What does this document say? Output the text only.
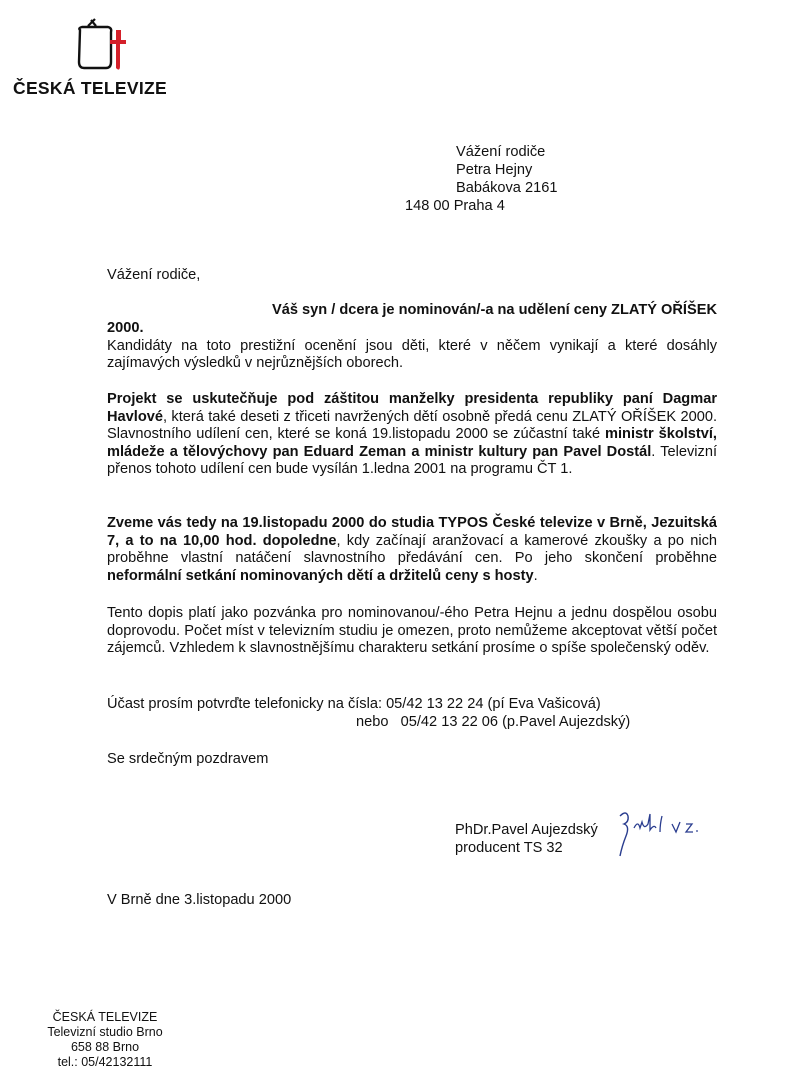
ČESKÁ TELEVIZE
Vážení rodiče
Petra Hejny
Babákova 2161
148 00 Praha 4
Vážení rodiče,
Váš syn / dcera je nominován/-a na udělení ceny ZLATÝ OŘÍŠEK

2000.

Kandidáty na toto prestižní ocenění jsou děti, které v něčem vynikají a které dosáhly zajímavých výsledků v nejrůznějších oborech.

Projekt se uskutečňuje pod záštitou manželky presidenta republiky paní Dagmar Havlové, která také deseti z třiceti navržených dětí osobně předá cenu ZLATÝ OŘÍŠEK 2000. Slavnostního udílení cen, které se koná 19.listopadu 2000 se zúčastní také ministr školství, mládeže a tělovýchovy pan Eduard Zeman a ministr kultury pan Pavel Dostál. Televizní přenos tohoto udílení cen bude vysílán 1.ledna 2001 na programu ČT 1.

Zveme vás tedy na 19.listopadu 2000 do studia TYPOS České televize v Brně, Jezuitská 7, a to na 10,00 hod. dopoledne, kdy začínají aranžovací a kamerové zkoušky a po nich proběhne vlastní natáčení slavnostního předávání cen. Po jeho skončení proběhne neformální setkání nominovaných dětí a držitelů ceny s hosty.

Tento dopis platí jako pozvánka pro nominovanou/-ého Petra Hejnu a jednu dospělou osobu doprovodu. Počet míst v televizním studiu je omezen, proto nemůžeme akceptovat větší počet zájemců. Vzhledem k slavnostnějšímu charakteru setkání prosíme o spíše společenský oděv.

Účast prosím potvrďte telefonicky na čísla: 05/42 13 22 24 (pí Eva Vašicová)
nebo   05/42 13 22 06 (p.Pavel Aujezdský)
Se srdečným pozdravem
PhDr.Pavel Aujezdský
producent TS 32
V Brně dne 3.listopadu 2000
ČESKÁ TELEVIZE
Televizní studio Brno
658 88 Brno
tel.: 05/42132111
